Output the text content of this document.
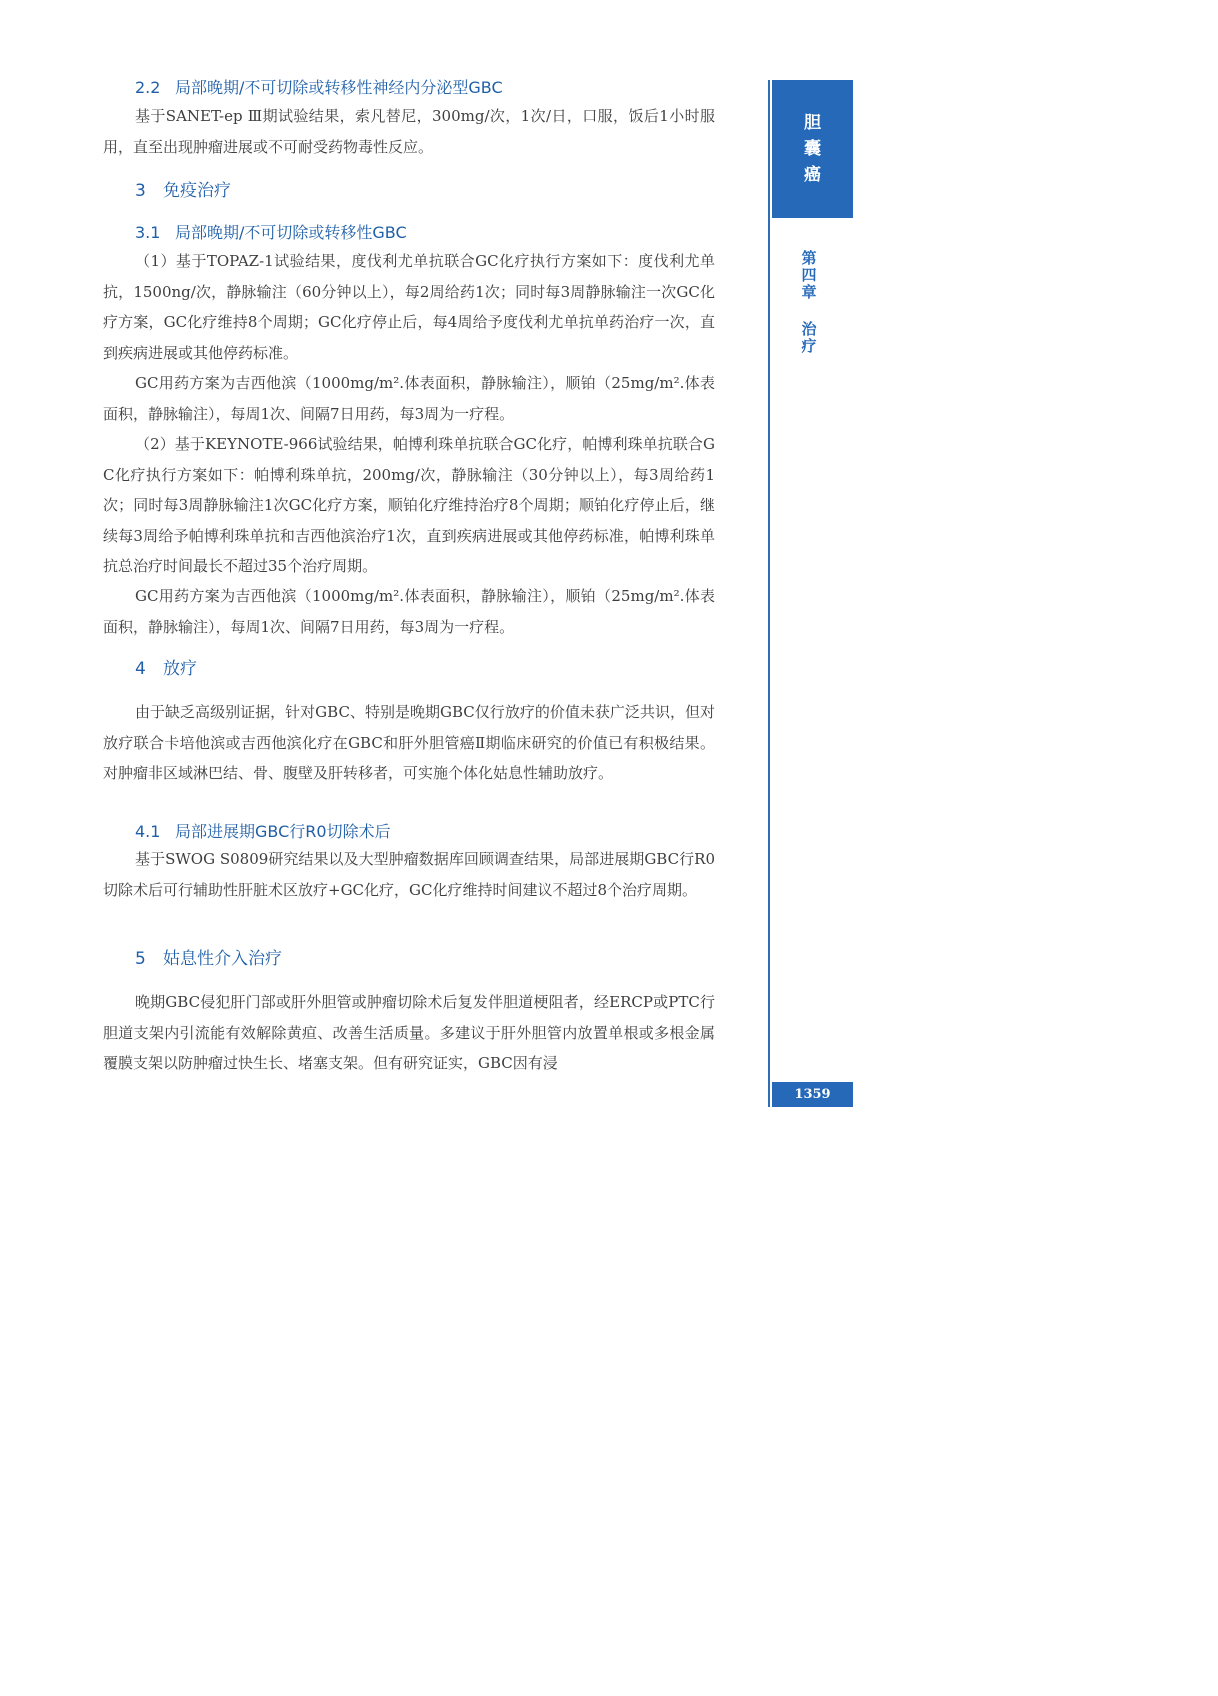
2.2 局部晚期/不可切除或转移性神经内分泌型GBC

基于SANET-ep Ⅲ期试验结果，索凡替尼，300mg/次，1次/日，口服，饭后1小时服用，直至出现肿瘤进展或不可耐受药物毒性反应。

3 免疫治疗
3.1 局部晚期/不可切除或转移性GBC

（1）基于TOPAZ-1试验结果，度伐利尤单抗联合GC化疗执行方案如下：度伐利尤单抗，1500ng/次，静脉输注（60分钟以上），每2周给药1次；同时每3周静脉输注一次GC化疗方案，GC化疗维持8个周期；GC化疗停止后，每4周给予度伐利尤单抗单药治疗一次，直到疾病进展或其他停药标准。

GC用药方案为吉西他滨（1000mg/m².体表面积，静脉输注），顺铂（25mg/m².体表面积，静脉输注），每周1次、间隔7日用药，每3周为一疗程。

（2）基于KEYNOTE-966试验结果，帕博利珠单抗联合GC化疗，帕博利珠单抗联合GC化疗执行方案如下：帕博利珠单抗，200mg/次，静脉输注（30分钟以上），每3周给药1次；同时每3周静脉输注1次GC化疗方案，顺铂化疗维持治疗8个周期；顺铂化疗停止后，继续每3周给予帕博利珠单抗和吉西他滨治疗1次，直到疾病进展或其他停药标准，帕博利珠单抗总治疗时间最长不超过35个治疗周期。

GC用药方案为吉西他滨（1000mg/m².体表面积，静脉输注），顺铂（25mg/m².体表面积，静脉输注），每周1次、间隔7日用药，每3周为一疗程。

4 放疗

由于缺乏高级别证据，针对GBC、特别是晚期GBC仅行放疗的价值未获广泛共识，但对放疗联合卡培他滨或吉西他滨化疗在GBC和肝外胆管癌Ⅱ期临床研究的价值已有积极结果。对肿瘤非区域淋巴结、骨、腹壁及肝转移者，可实施个体化姑息性辅助放疗。

4.1 局部进展期GBC行R0切除术后

基于SWOG S0809研究结果以及大型肿瘤数据库回顾调查结果，局部进展期GBC行R0切除术后可行辅助性肝脏术区放疗+GC化疗，GC化疗维持时间建议不超过8个治疗周期。

5 姑息性介入治疗

晚期GBC侵犯肝门部或肝外胆管或肿瘤切除术后复发伴胆道梗阻者，经ERCP或PTC行胆道支架内引流能有效解除黄疸、改善生活质量。多建议于肝外胆管内放置单根或多根金属覆膜支架以防肿瘤过快生长、堵塞支架。但有研究证实，GBC因有浸

胆
囊
癌
第
四
章
治
疗
1359
